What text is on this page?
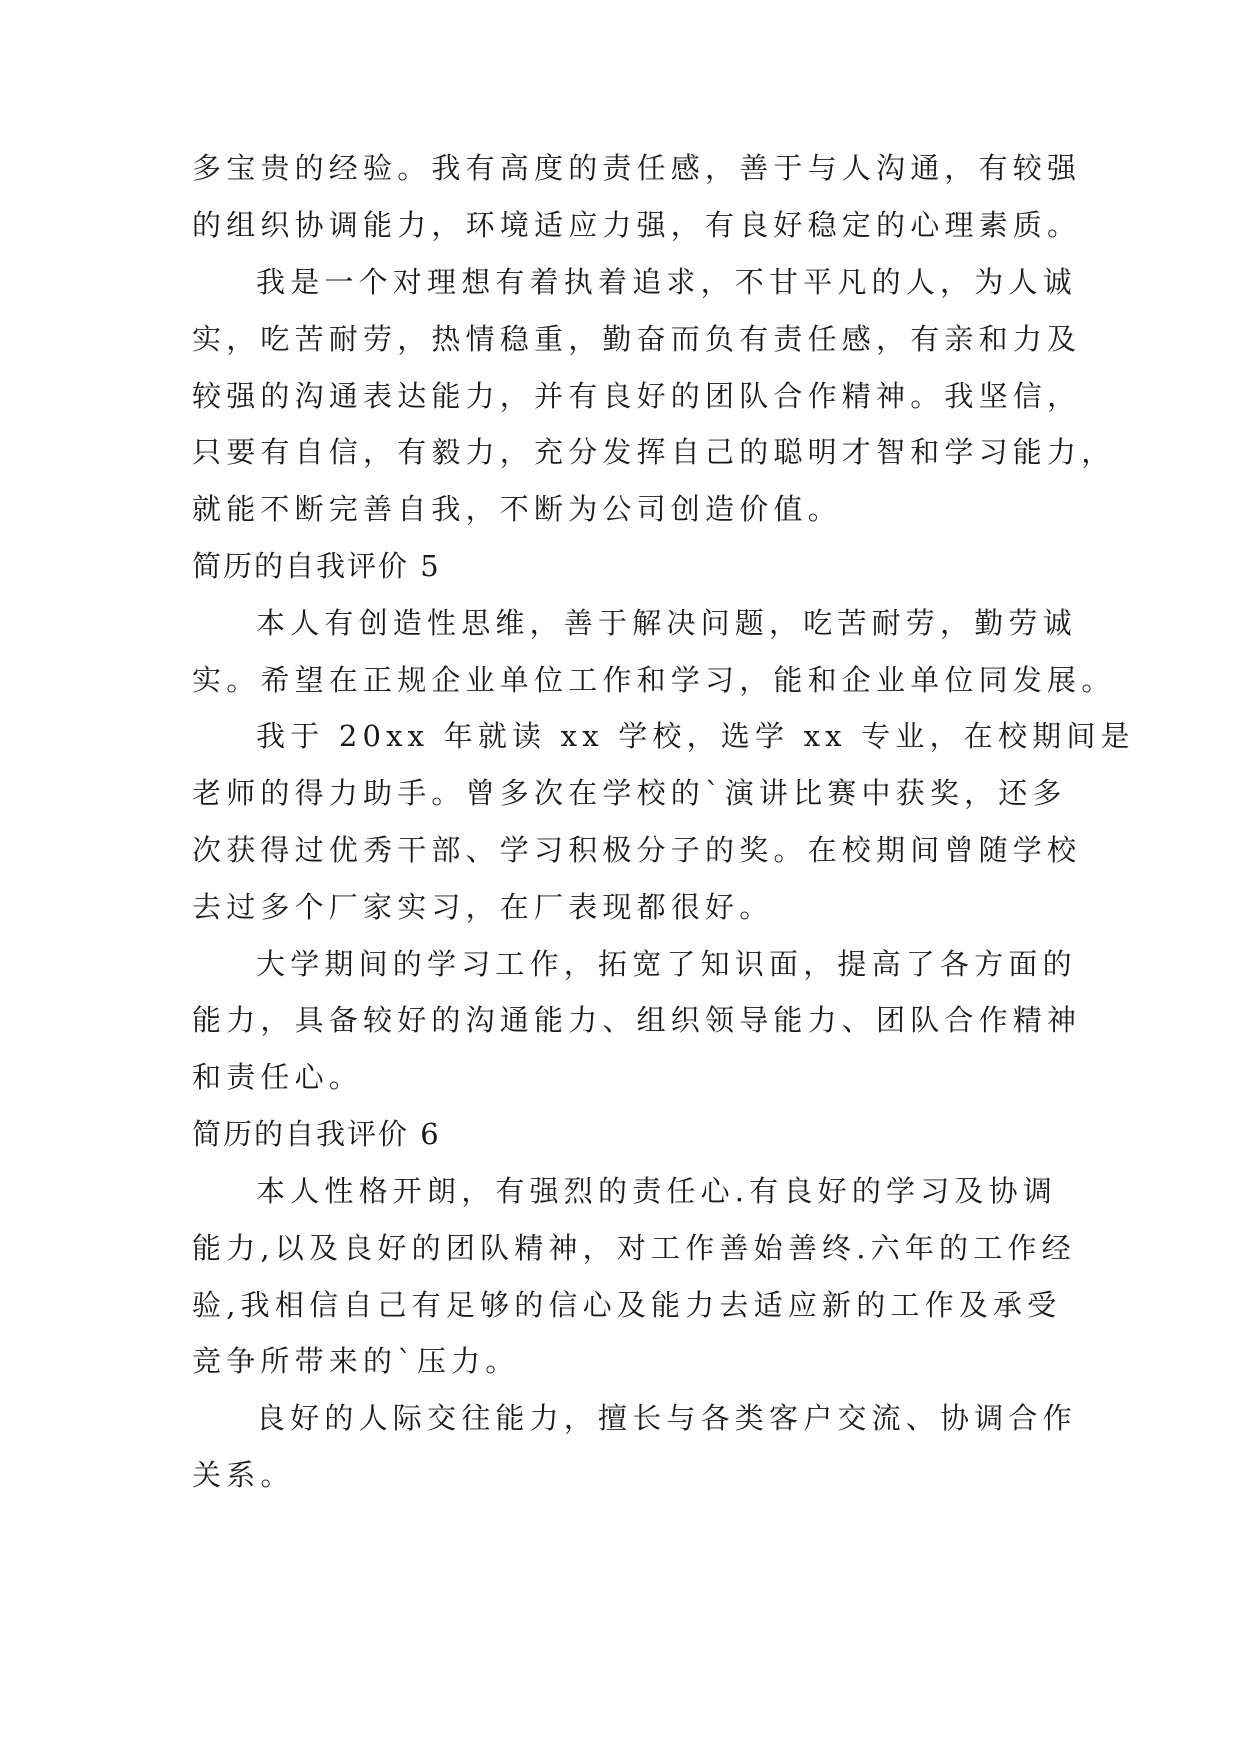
多宝贵的经验。我有高度的责任感，善于与人沟通，有较强
的组织协调能力，环境适应力强，有良好稳定的心理素质。
我是一个对理想有着执着追求，不甘平凡的人，为人诚
实，吃苦耐劳，热情稳重，勤奋而负有责任感，有亲和力及
较强的沟通表达能力，并有良好的团队合作精神。我坚信，
只要有自信，有毅力，充分发挥自己的聪明才智和学习能力，
就能不断完善自我，不断为公司创造价值。
简历的自我评价 5
本人有创造性思维，善于解决问题，吃苦耐劳，勤劳诚
实。希望在正规企业单位工作和学习，能和企业单位同发展。
我于 20xx 年就读 xx 学校，选学 xx 专业，在校期间是
老师的得力助手。曾多次在学校的`演讲比赛中获奖，还多
次获得过优秀干部、学习积极分子的奖。在校期间曾随学校
去过多个厂家实习，在厂表现都很好。
大学期间的学习工作，拓宽了知识面，提高了各方面的
能力，具备较好的沟通能力、组织领导能力、团队合作精神
和责任心。
简历的自我评价 6
本人性格开朗，有强烈的责任心.有良好的学习及协调
能力,以及良好的团队精神，对工作善始善终.六年的工作经
验,我相信自己有足够的信心及能力去适应新的工作及承受
竞争所带来的`压力。
良好的人际交往能力，擅长与各类客户交流、协调合作
关系。
